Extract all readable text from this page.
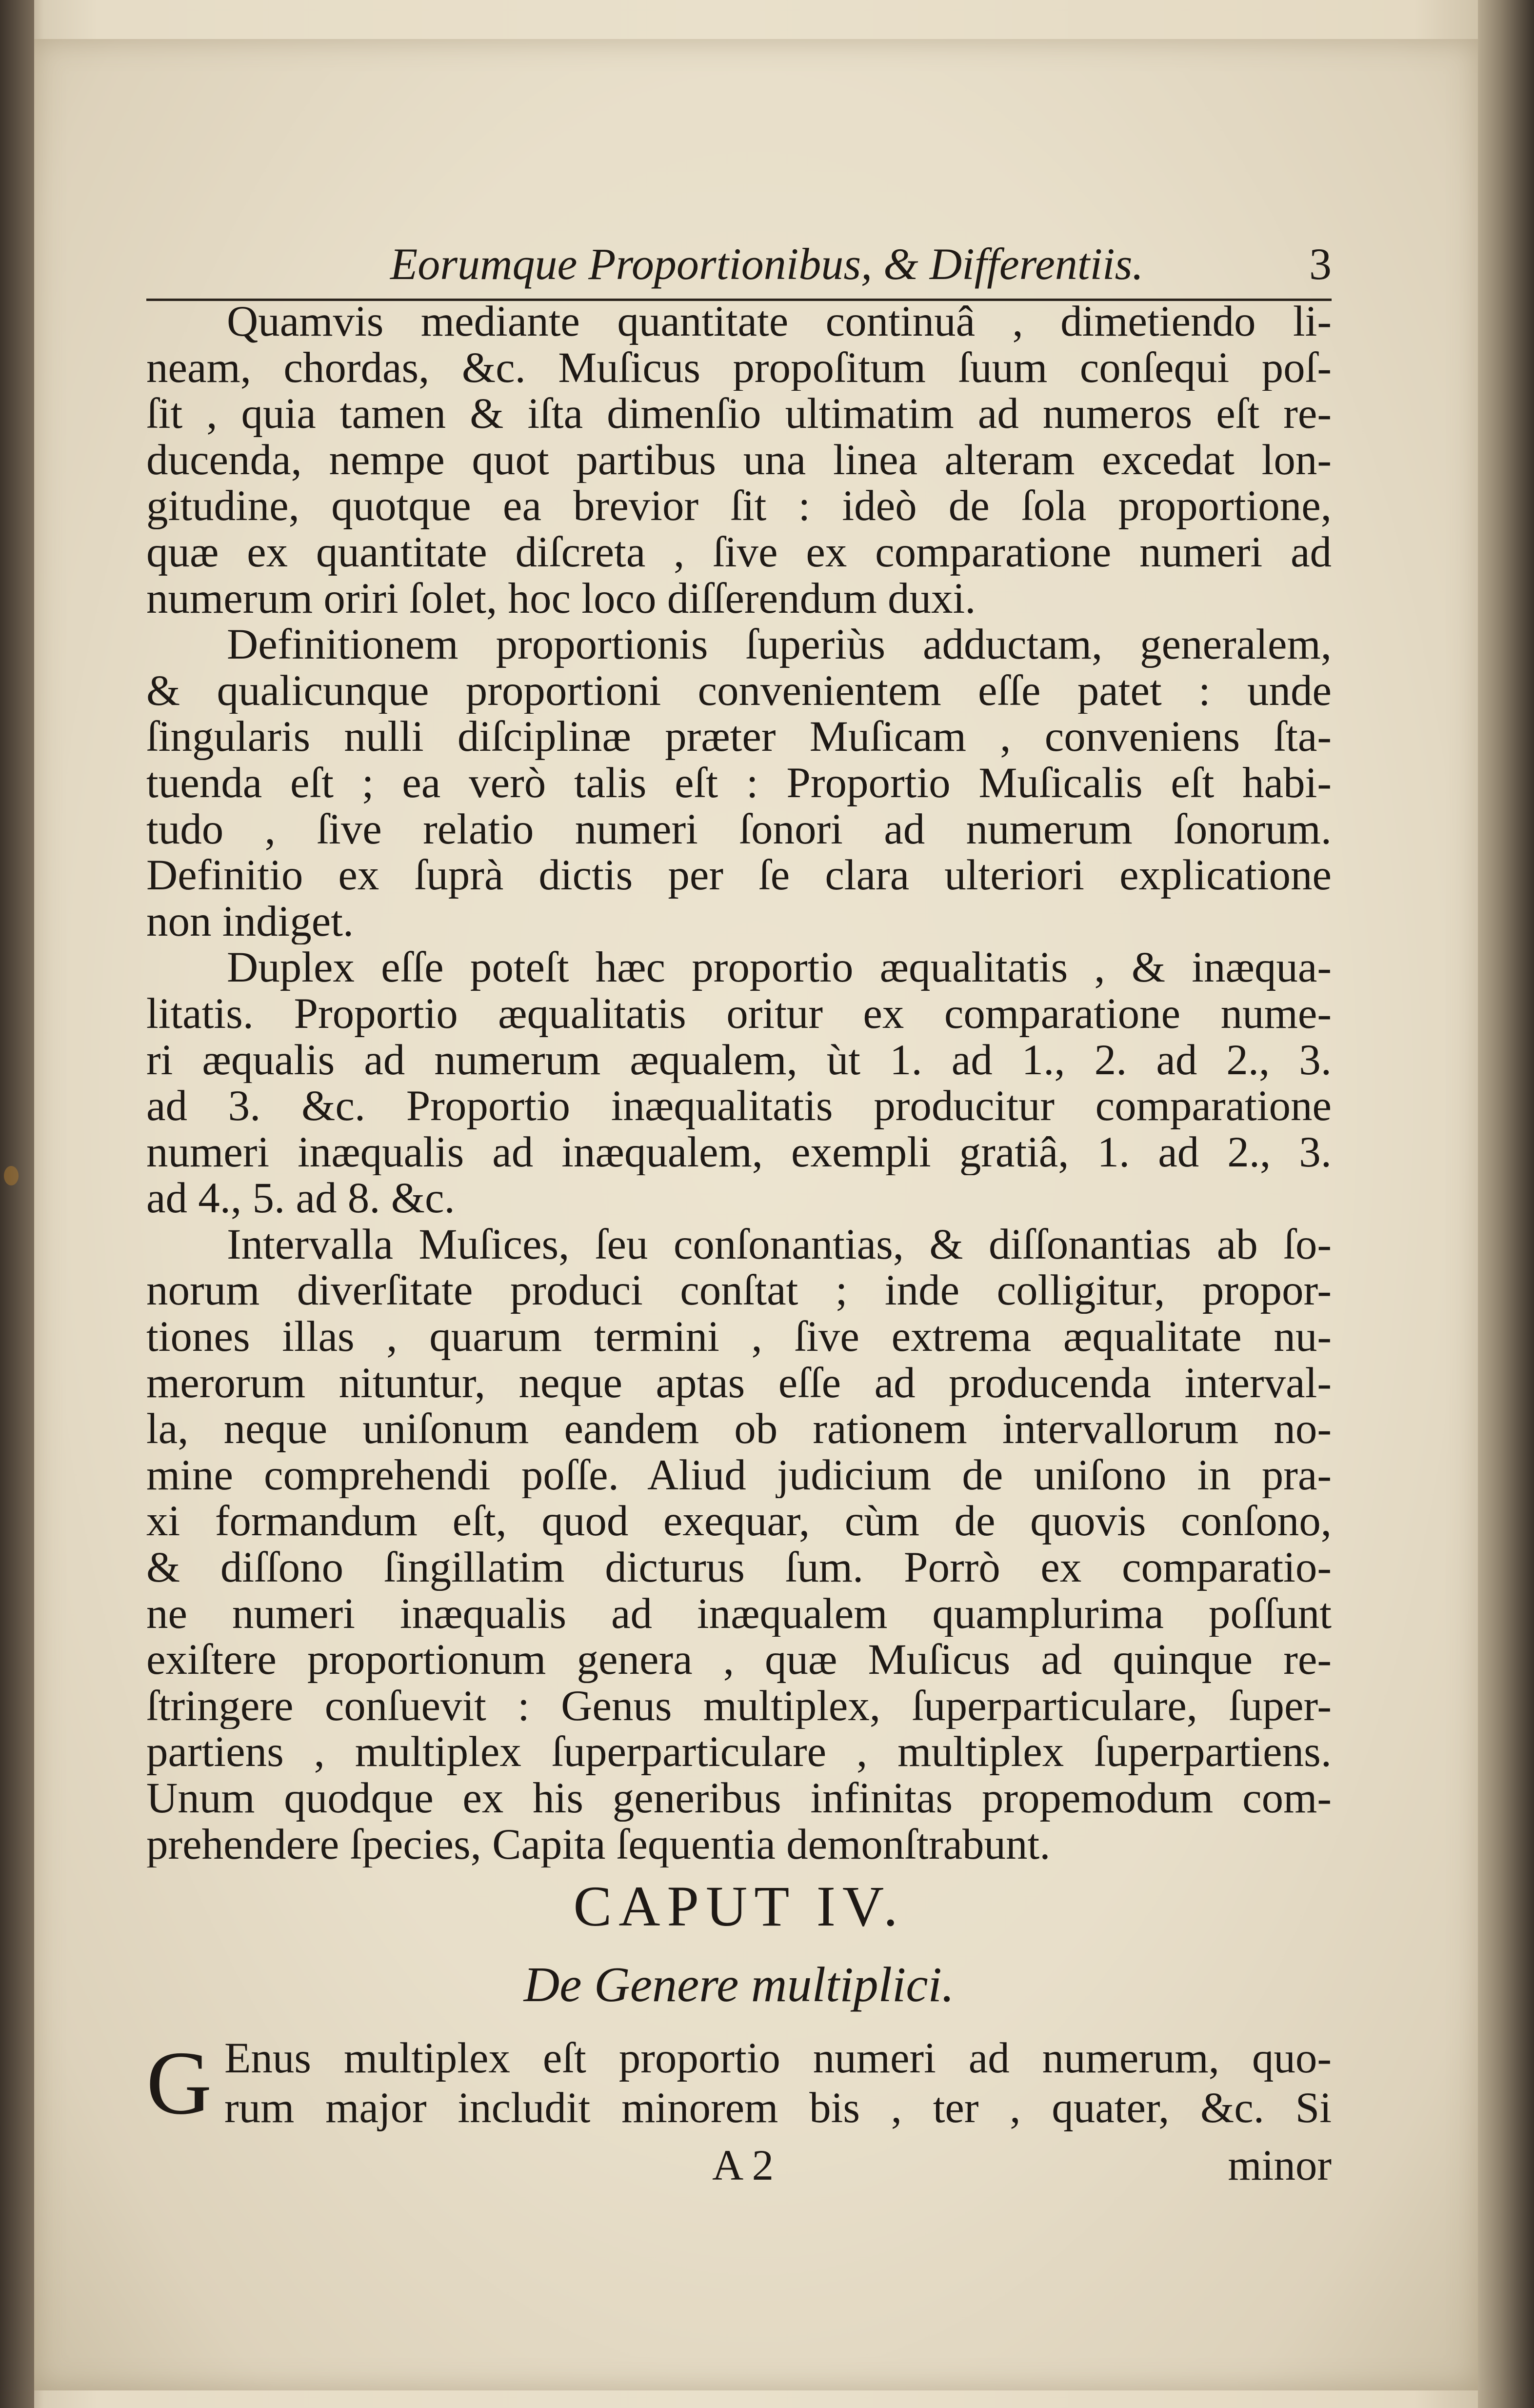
Eorumque Proportionibus, & Differentiis.	3
Quamvis mediante quantitate continuâ , dimetiendo li-
neam, chordas, &c. Muſicus propoſitum ſuum conſequi poſ-
ſit , quia tamen & iſta dimenſio ultimatim ad numeros eſt re-
ducenda, nempe quot partibus una linea alteram excedat lon-
gitudine, quotque ea brevior ſit : ideò de ſola proportione,
quæ ex quantitate diſcreta , ſive ex comparatione numeri ad
numerum oriri ſolet, hoc loco diſſerendum duxi.
Definitionem proportionis ſuperiùs adductam, generalem,
& qualicunque proportioni convenientem eſſe patet : unde
ſingularis nulli diſciplinæ præter Muſicam , conveniens ſta-
tuenda eſt ; ea verò talis eſt : Proportio Muſicalis eſt habi-
tudo , ſive relatio numeri ſonori ad numerum ſonorum.
Definitio ex ſuprà dictis per ſe clara ulteriori explicatione
non indiget.
Duplex eſſe poteſt hæc proportio æqualitatis , & inæqua-
litatis. Proportio æqualitatis oritur ex comparatione nume-
ri æqualis ad numerum æqualem, ùt 1. ad 1., 2. ad 2., 3.
ad 3. &c. Proportio inæqualitatis producitur comparatione
numeri inæqualis ad inæqualem, exempli gratiâ, 1. ad 2., 3.
ad 4., 5. ad 8. &c.
Intervalla Muſices, ſeu conſonantias, & diſſonantias ab ſo-
norum diverſitate produci conſtat ; inde colligitur, propor-
tiones illas , quarum termini , ſive extrema æqualitate nu-
merorum nituntur, neque aptas eſſe ad producenda interval-
la, neque uniſonum eandem ob rationem intervallorum no-
mine comprehendi poſſe. Aliud judicium de uniſono in pra-
xi formandum eſt, quod exequar, cùm de quovis conſono,
& diſſono ſingillatim dicturus ſum. Porrò ex comparatio-
ne numeri inæqualis ad inæqualem quamplurima poſſunt
exiſtere proportionum genera , quæ Muſicus ad quinque re-
ſtringere conſuevit : Genus multiplex, ſuperparticulare, ſuper-
partiens , multiplex ſuperparticulare , multiplex ſuperpartiens.
Unum quodque ex his generibus infinitas propemodum com-
prehendere ſpecies, Capita ſequentia demonſtrabunt.
CAPUT IV.
De Genere multiplici.
G Enus multiplex eſt proportio numeri ad numerum, quo-
rum major includit minorem bis , ter , quater, &c. Si
A 2	minor
